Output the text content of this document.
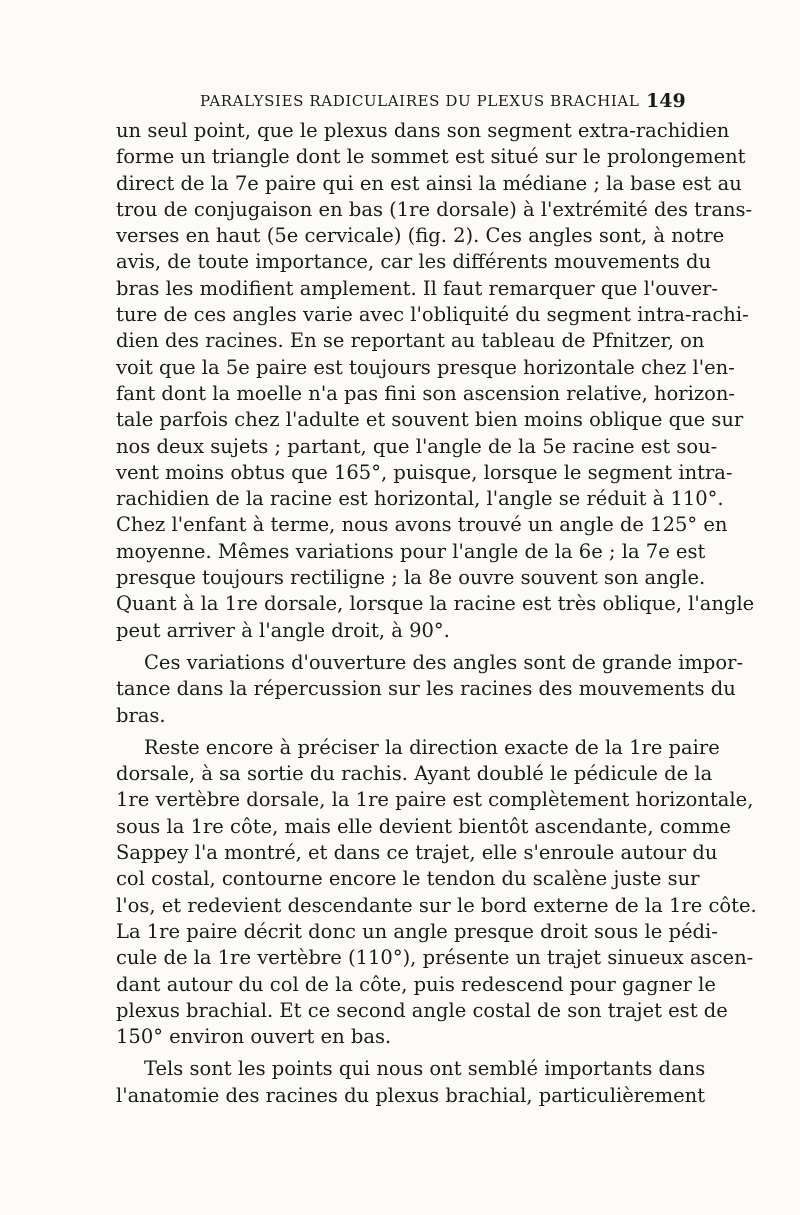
PARALYSIES RADICULAIRES DU PLEXUS BRACHIAL 149
un seul point, que le plexus dans son segment extra-rachidien
forme un triangle dont le sommet est situé sur le prolongement
direct de la 7e paire qui en est ainsi la médiane ; la base est au
trou de conjugaison en bas (1re dorsale) à l'extrémité des trans-
verses en haut (5e cervicale) (fig. 2). Ces angles sont, à notre
avis, de toute importance, car les différents mouvements du
bras les modifient amplement. Il faut remarquer que l'ouver-
ture de ces angles varie avec l'obliquité du segment intra-rachi-
dien des racines. En se reportant au tableau de Pfnitzer, on
voit que la 5e paire est toujours presque horizontale chez l'en-
fant dont la moelle n'a pas fini son ascension relative, horizon-
tale parfois chez l'adulte et souvent bien moins oblique que sur
nos deux sujets ; partant, que l'angle de la 5e racine est sou-
vent moins obtus que 165°, puisque, lorsque le segment intra-
rachidien de la racine est horizontal, l'angle se réduit à 110°.
Chez l'enfant à terme, nous avons trouvé un angle de 125° en
moyenne. Mêmes variations pour l'angle de la 6e ; la 7e est
presque toujours rectiligne ; la 8e ouvre souvent son angle.
Quant à la 1re dorsale, lorsque la racine est très oblique, l'angle
peut arriver à l'angle droit, à 90°.
Ces variations d'ouverture des angles sont de grande impor-
tance dans la répercussion sur les racines des mouvements du
bras.
Reste encore à préciser la direction exacte de la 1re paire
dorsale, à sa sortie du rachis. Ayant doublé le pédicule de la
1re vertèbre dorsale, la 1re paire est complètement horizontale,
sous la 1re côte, mais elle devient bientôt ascendante, comme
Sappey l'a montré, et dans ce trajet, elle s'enroule autour du
col costal, contourne encore le tendon du scalène juste sur
l'os, et redevient descendante sur le bord externe de la 1re côte.
La 1re paire décrit donc un angle presque droit sous le pédi-
cule de la 1re vertèbre (110°), présente un trajet sinueux ascen-
dant autour du col de la côte, puis redescend pour gagner le
plexus brachial. Et ce second angle costal de son trajet est de
150° environ ouvert en bas.
Tels sont les points qui nous ont semblé importants dans
l'anatomie des racines du plexus brachial, particulièrement
